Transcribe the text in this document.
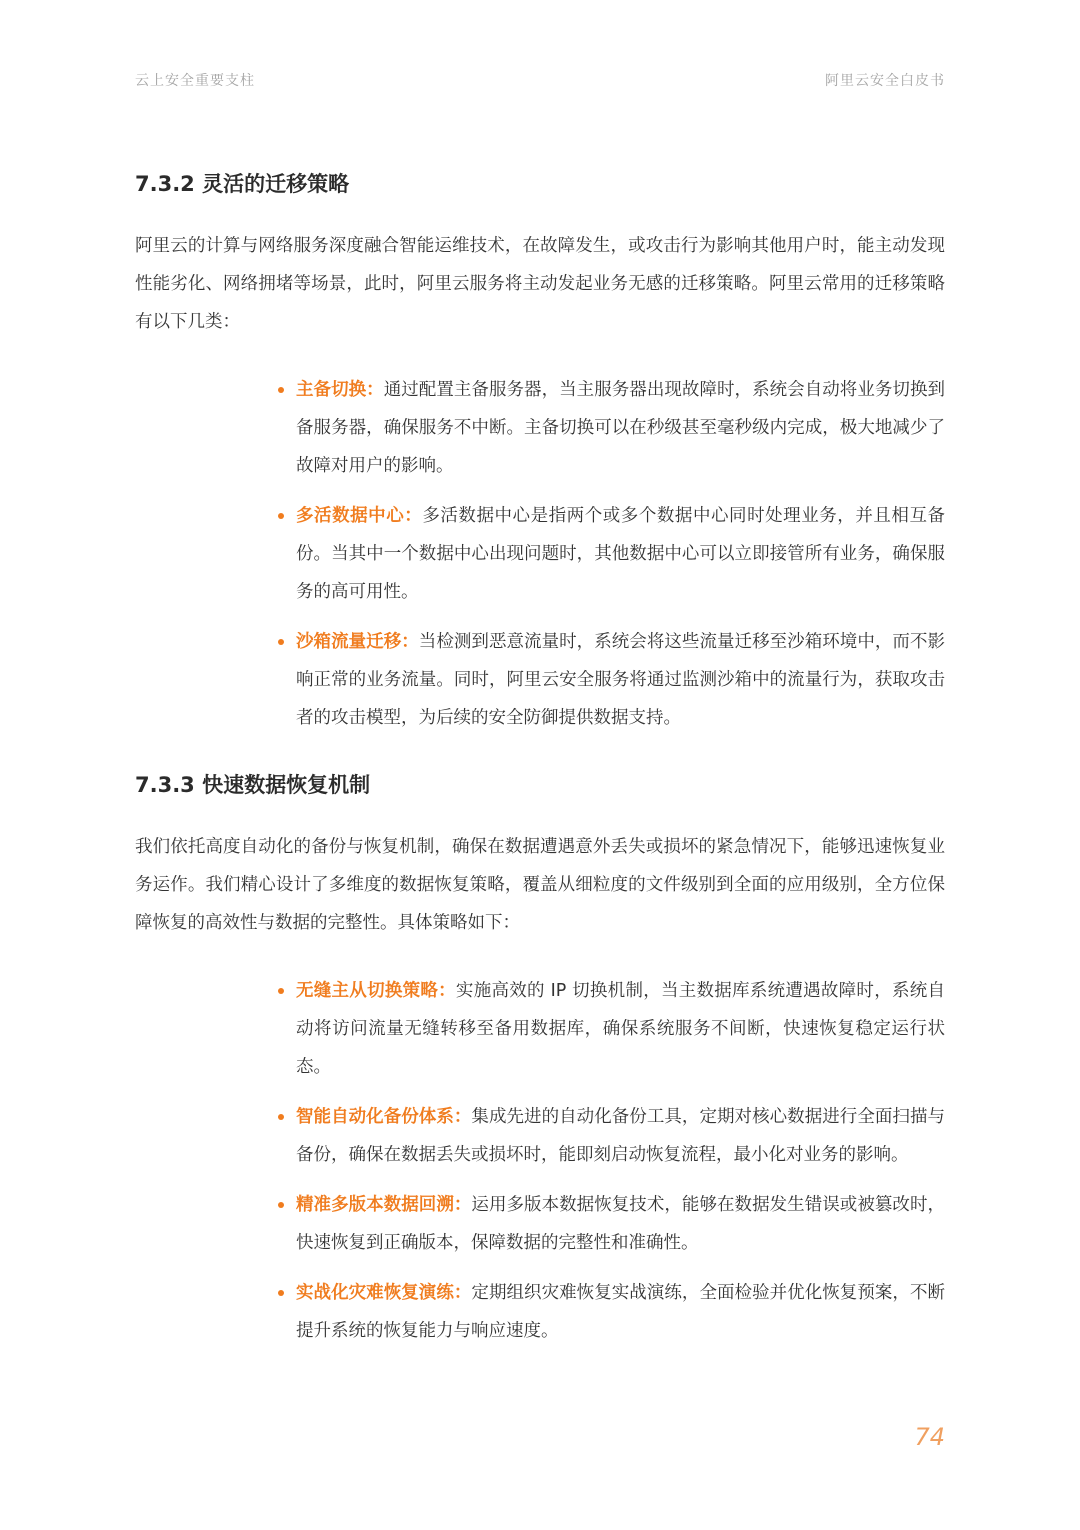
云上安全重要支柱	阿里云安全白皮书
7.3.2 灵活的迁移策略

阿里云的计算与网络服务深度融合智能运维技术，在故障发生，或攻击行为影响其他用户时，能主动发现性能劣化、网络拥堵等场景，此时，阿里云服务将主动发起业务无感的迁移策略。阿里云常用的迁移策略有以下几类：

主备切换：通过配置主备服务器，当主服务器出现故障时，系统会自动将业务切换到备服务器，确保服务不中断。主备切换可以在秒级甚至毫秒级内完成，极大地减少了故障对用户的影响。
多活数据中心：多活数据中心是指两个或多个数据中心同时处理业务，并且相互备份。当其中一个数据中心出现问题时，其他数据中心可以立即接管所有业务，确保服务的高可用性。
沙箱流量迁移：当检测到恶意流量时，系统会将这些流量迁移至沙箱环境中，而不影响正常的业务流量。同时，阿里云安全服务将通过监测沙箱中的流量行为，获取攻击者的攻击模型，为后续的安全防御提供数据支持。
7.3.3 快速数据恢复机制

我们依托高度自动化的备份与恢复机制，确保在数据遭遇意外丢失或损坏的紧急情况下，能够迅速恢复业务运作。我们精心设计了多维度的数据恢复策略，覆盖从细粒度的文件级别到全面的应用级别，全方位保障恢复的高效性与数据的完整性。具体策略如下：

无缝主从切换策略：实施高效的 IP 切换机制，当主数据库系统遭遇故障时，系统自动将访问流量无缝转移至备用数据库，确保系统服务不间断，快速恢复稳定运行状态。
智能自动化备份体系：集成先进的自动化备份工具，定期对核心数据进行全面扫描与备份，确保在数据丢失或损坏时，能即刻启动恢复流程，最小化对业务的影响。
精准多版本数据回溯：运用多版本数据恢复技术，能够在数据发生错误或被篡改时，快速恢复到正确版本，保障数据的完整性和准确性。
实战化灾难恢复演练：定期组织灾难恢复实战演练，全面检验并优化恢复预案，不断提升系统的恢复能力与响应速度。
74
